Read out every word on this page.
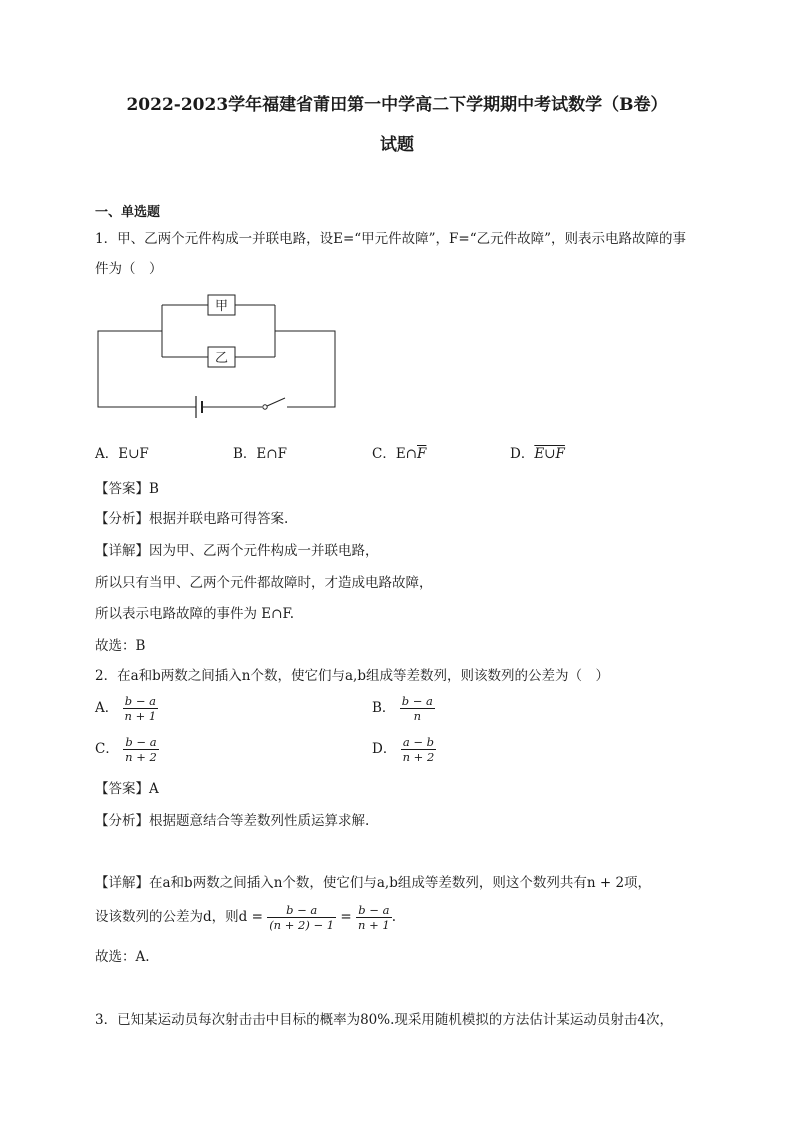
2022-2023学年福建省莆田第一中学高二下学期期中考试数学（B卷）
试题
一、单选题
1．甲、乙两个元件构成一并联电路，设E=“甲元件故障”，F=“乙元件故障”，则表示电路故障的事
件为（　）
甲
乙
A．E∪F	B．E∩F	C．$E\cap\overline{F}$	D．E∪F
【答案】B
【分析】根据并联电路可得答案.
【详解】因为甲、乙两个元件构成一并联电路，
所以只有当甲、乙两个元件都故障时，才造成电路故障，
所以表示电路故障的事件为 E∩F.
故选：B
2．在a和b两数之间插入n个数，使它们与a,b组成等差数列，则该数列的公差为（　）
A． $\frac{b - a}{n + 1}$	B． $\frac{b - a}{n}$
C． $\frac{b - a}{n + 2}$	D． $\frac{a - b}{n + 2}$
【答案】A
【分析】根据题意结合等差数列性质运算求解.
【详解】在a和b两数之间插入n个数，使它们与a,b组成等差数列，则这个数列共有n + 2项，
设该数列的公差为d，则$d = \frac{b - a}{(n + 2) - 1} = \frac{b - a}{n + 1}$ .
故选：A.
3．已知某运动员每次射击击中目标的概率为80%.现采用随机模拟的方法估计某运动员射击4次，
